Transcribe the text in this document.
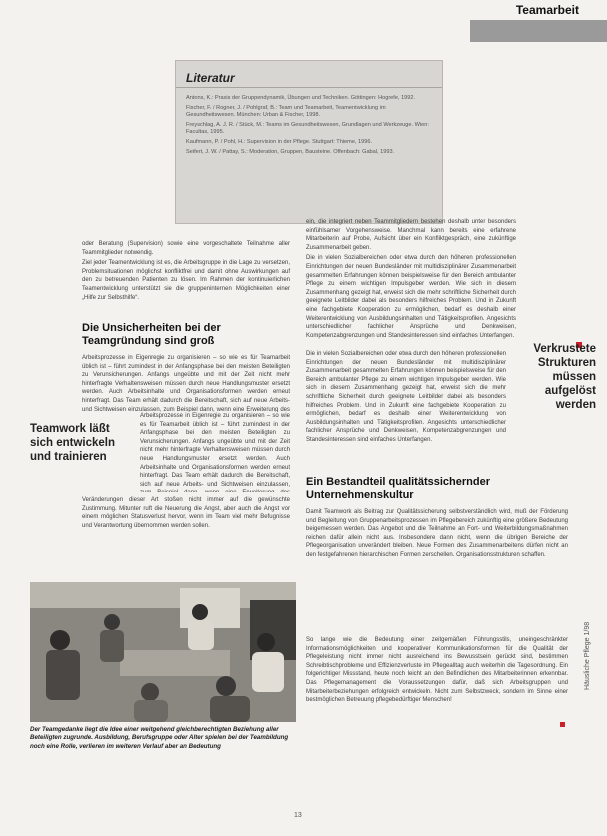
Teamarbeit
Literatur
Antons, K.: Praxis der Gruppendynamik, Übungen und Techniken. Göttingen: Hogrefe, 1992.
Fischer, F. / Rogner, J. / Pohlgraf, B.: Team und Teamarbeit, Teamentwicklung im Gesundheitswesen. München: Urban & Fischer, 1998.
Freyschlag, A. J. R. / Stück, M.: Teams im Gesundheitswesen, Grundlagen und Werkzeuge. Wien: Facultas, 1995.
Kaufmann, P. / Pohl, H.: Supervision in der Pflege. Stuttgart: Thieme, 1996.
Seifert, J. W. / Pattay, S.: Moderation, Gruppen, Bausteine. Offenbach: Gabal, 1993.

oder Beratung (Supervision) sowie eine vorgeschaltete Teilnahme aller Teammitglieder notwendig.

Ziel jeder Teamentwicklung ist es, die Arbeitsgruppe in die Lage zu versetzen, Problemsituationen möglichst konfliktfrei und damit ohne Auswirkungen auf den zu betreuenden Patienten zu lösen. Im Rahmen der kontinuierlichen Teamentwicklung unterstützt sie die gruppeninternen Möglichkeiten einer „Hilfe zur Selbsthilfe“.

Die Unsicherheiten bei der Teamgründung sind groß
Arbeitsprozesse in Eigenregie zu organisieren – so wie es für Teamarbeit üblich ist – führt zumindest in der Anfangsphase bei den meisten Beteiligten zu Verunsicherungen. Anfangs ungeübte und mit der Zeit nicht mehr hinterfragte Verhaltensweisen müssen durch neue Handlungsmuster ersetzt werden. Auch Arbeitsinhalte und Organisationsformen werden erneut hinterfragt. Das Team erhält dadurch die Bereitschaft, sich auf neue Arbeits- und Sichtweisen einzulassen, zum Beispiel dann, wenn eine Erweiterung des
Arbeitsprozesse in Eigenregie zu organisieren – so wie es für Teamarbeit üblich ist – führt zumindest in der Anfangsphase bei den meisten Beteiligten zu Verunsicherungen. Anfangs ungeübte und mit der Zeit nicht mehr hinterfragte Verhaltensweisen müssen durch neue Handlungsmuster ersetzt werden. Auch Arbeitsinhalte und Organisationsformen werden erneut hinterfragt. Das Team erhält dadurch die Bereitschaft, sich auf neue Arbeits- und Sichtweisen einzulassen,
Teamwork läßt sich entwickeln und trainieren
Veränderungen dieser Art stoßen nicht immer auf die gewünschte Zustimmung. Mitunter ruft die Neuerung die Angst, aber auch die Angst vor einem möglichen Statusverlust hervor, wenn im Team viel mehr Befugnisse und Verantwortung übernommen werden sollen.
Der Teamgedanke liegt die Idee einer weitgehend gleichberechtigten Beziehung aller Beteiligten zugrunde. Ausbildung, Berufsgruppe oder Alter spielen bei der Teambildung noch eine Rolle, verlieren im weiteren Verlauf aber an Bedeutung

ein, die integriert neben Teammitgliedern bestehen deshalb unter besonders einfühlsamer Vorgehensweise. Manchmal kann bereits eine erfahrene Mitarbeiterin auf Probe, Aufsicht über ein Konfliktgespräch, eine zukünftige Zusammenarbeit geben.

Die in vielen Sozialbereichen oder etwa durch den höheren professionellen Einrichtungen der neuen Bundesländer mit multidisziplinärer Zusammenarbeit gesammelten Erfahrungen können beispielsweise für den Bereich ambulanter Pflege zu einem wichtigen Impulsgeber werden. Wie sich in diesem Zusammenhang gezeigt hat, erweist sich die mehr schriftliche Sicherheit durch geeignete Leitbilder dabei als besonders hilfreiches Problem. Und in Zukunft eine fachgebiete Kooperation zu ermöglichen, bedarf es deshalb einer Weiterentwicklung von Ausbildungsinhalten und Tätigkeitsprofilen. Angesichts unterschiedlicher fachlicher Ansprüche und Denkweisen, Kompetenzabgrenzungen und Standesinteressen sind einfaches Unterfangen.

Verkrustete Strukturen müssen aufgelöst werden
Die in vielen Sozialbereichen oder etwa durch den höheren professionellen Einrichtungen der neuen Bundesländer mit multidisziplinärer Zusammenarbeit gesammelten Erfahrungen können beispielsweise für den Bereich ambulanter Pflege zu einem wichtigen Impulsgeber werden. Wie sich in diesem Zusammenhang gezeigt hat, erweist sich die mehr schriftliche Sicherheit durch geeignete Leitbilder dabei als besonders hilfreiches Problem. Und in Zukunft eine fachgebiete Kooperation zu ermöglichen, bedarf es deshalb einer Weiterentwicklung von Ausbildungsinhalten und Tätigkeitsprofilen. Angesichts unterschiedlicher fachlicher Ansprüche und Denkweisen, Kompetenzabgrenzungen und Standesinteressen sind einfaches Unterfangen.
Ein Bestandteil qualitätssichernder Unternehmenskultur
Damit Teamwork als Beitrag zur Qualitätssicherung selbstverständlich wird, muß der Förderung und Begleitung von Gruppenarbeitsprozessen im Pflegebereich zukünftig eine größere Bedeutung beigemessen werden. Das Angebot und die Teilnahme an Fort- und Weiterbildungsmaßnahmen reichen dafür allein nicht aus. Insbesondere dann nicht, wenn die übrigen Bereiche der Pflegeorganisation unverändert bleiben. Neue Formen des Zusammenarbeitens dürfen nicht an den festgefahrenen hierarchischen Formen zerschellen. Organisationsstrukturen schaffen.
So lange wie die Bedeutung einer zeitgemäßen Führungsstils, uneingeschränkter Informationsmöglichkeiten und kooperativer Kommunikationsformen für die Qualität der Pflegeleistung nicht immer nicht ausreichend ins Bewusstsein gerückt sind, bestimmen Schreibtischprobleme und Effizienzverluste im Pflegealltag auch weiterhin die Tagesordnung. Ein folgerichtiger Missstand, heute noch leicht an den Befindlichen des Mitarbeiterinnen erkennbar. Das Pflegemanagement die Voraussetzungen dafür, daß sich Arbeitsgruppen und Mitarbeiterbeziehungen erfolgreich entwickeln. Nicht zum Selbstzweck, sondern im Sinne einer bestmöglichen Betreuung pflegebedürftiger Menschen!
Häusliche Pflege 1/98
13
